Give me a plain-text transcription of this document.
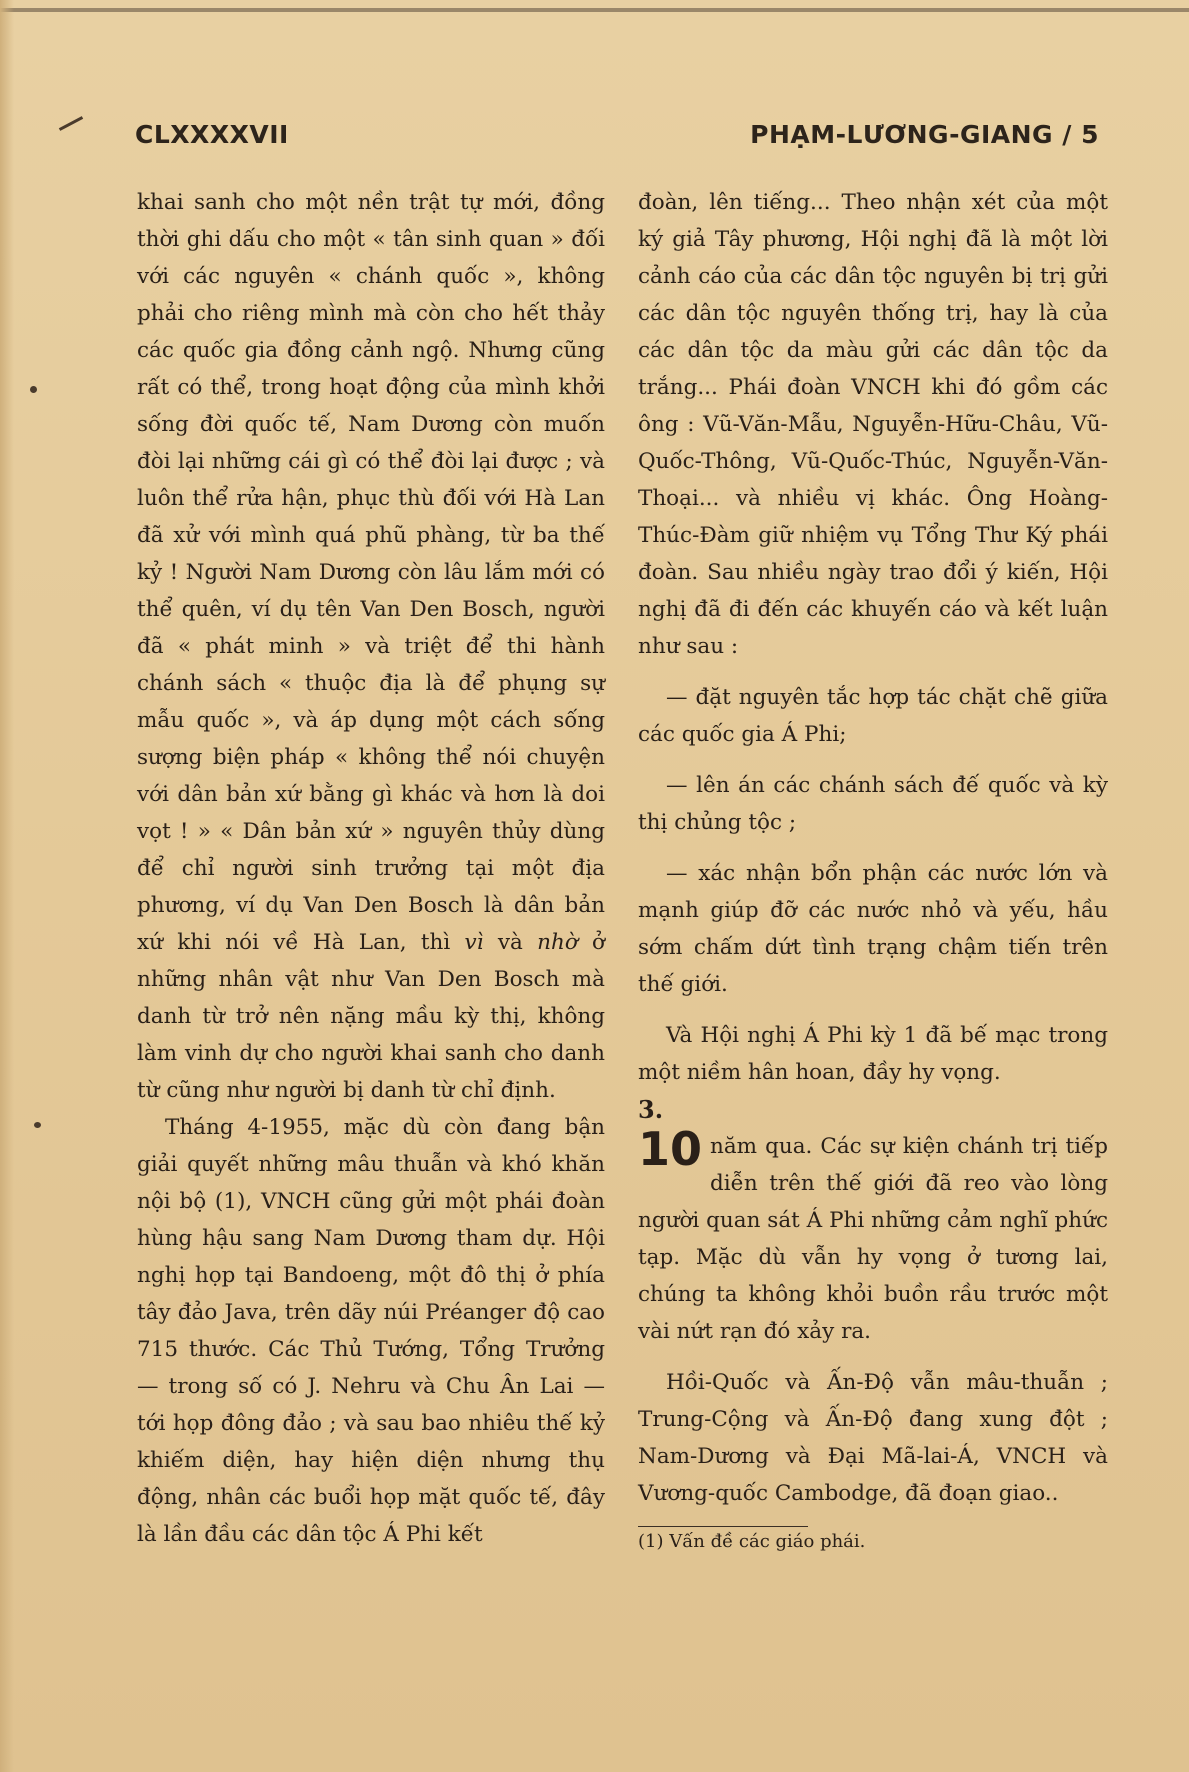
CLXXXXVII	PHẠM-LƯƠNG-GIANG / 5

khai sanh cho một nền trật tự mới, đồng thời ghi dấu cho một « tân sinh quan » đối với các nguyên « chánh quốc », không phải cho riêng mình mà còn cho hết thảy các quốc gia đồng cảnh ngộ. Nhưng cũng rất có thể, trong hoạt động của mình khởi sống đời quốc tế, Nam Dương còn muốn đòi lại những cái gì có thể đòi lại được ; và luôn thể rửa hận, phục thù đối với Hà Lan đã xử với mình quá phũ phàng, từ ba thế kỷ ! Người Nam Dương còn lâu lắm mới có thể quên, ví dụ tên Van Den Bosch, người đã « phát minh » và triệt để thi hành chánh sách « thuộc địa là để phụng sự mẫu quốc », và áp dụng một cách sống sượng biện pháp « không thể nói chuyện với dân bản xứ bằng gì khác và hơn là doi vọt ! » « Dân bản xứ » nguyên thủy dùng để chỉ người sinh trưởng tại một địa phương, ví dụ Van Den Bosch là dân bản xứ khi nói về Hà Lan, thì vì và nhờ ở những nhân vật như Van Den Bosch mà danh từ trở nên nặng mầu kỳ thị, không làm vinh dự cho người khai sanh cho danh từ cũng như người bị danh từ chỉ định.

Tháng 4-1955, mặc dù còn đang bận giải quyết những mâu thuẫn và khó khăn nội bộ (1), VNCH cũng gửi một phái đoàn hùng hậu sang Nam Dương tham dự. Hội nghị họp tại Bandoeng, một đô thị ở phía tây đảo Java, trên dãy núi Préanger độ cao 715 thước. Các Thủ Tướng, Tổng Trưởng — trong số có J. Nehru và Chu Ân Lai — tới họp đông đảo ; và sau bao nhiêu thế kỷ khiếm diện, hay hiện diện nhưng thụ động, nhân các buổi họp mặt quốc tế, đây là lần đầu các dân tộc Á Phi kết

đoàn, lên tiếng... Theo nhận xét của một ký giả Tây phương, Hội nghị đã là một lời cảnh cáo của các dân tộc nguyên bị trị gửi các dân tộc nguyên thống trị, hay là của các dân tộc da màu gửi các dân tộc da trắng... Phái đoàn VNCH khi đó gồm các ông : Vũ-Văn-Mẫu, Nguyễn-Hữu-Châu, Vũ-Quốc-Thông, Vũ-Quốc-Thúc, Nguyễn-Văn-Thoại... và nhiều vị khác. Ông Hoàng-Thúc-Đàm giữ nhiệm vụ Tổng Thư Ký phái đoàn. Sau nhiều ngày trao đổi ý kiến, Hội nghị đã đi đến các khuyến cáo và kết luận như sau :

— đặt nguyên tắc hợp tác chặt chẽ giữa các quốc gia Á Phi;

— lên án các chánh sách đế quốc và kỳ thị chủng tộc ;

— xác nhận bổn phận các nước lớn và mạnh giúp đỡ các nước nhỏ và yếu, hầu sớm chấm dứt tình trạng chậm tiến trên thế giới.

Và Hội nghị Á Phi kỳ 1 đã bế mạc trong một niềm hân hoan, đầy hy vọng.

3.

10 năm qua. Các sự kiện chánh trị tiếp diễn trên thế giới đã reo vào lòng người quan sát Á Phi những cảm nghĩ phức tạp. Mặc dù vẫn hy vọng ở tương lai, chúng ta không khỏi buồn rầu trước một vài nứt rạn đó xảy ra.

Hồi-Quốc và Ấn-Độ vẫn mâu-thuẫn ; Trung-Cộng và Ấn-Độ đang xung đột ; Nam-Dương và Đại Mã-lai-Á, VNCH và Vương-quốc Cambodge, đã đoạn giao..

(1) Vấn đề các giáo phái.
